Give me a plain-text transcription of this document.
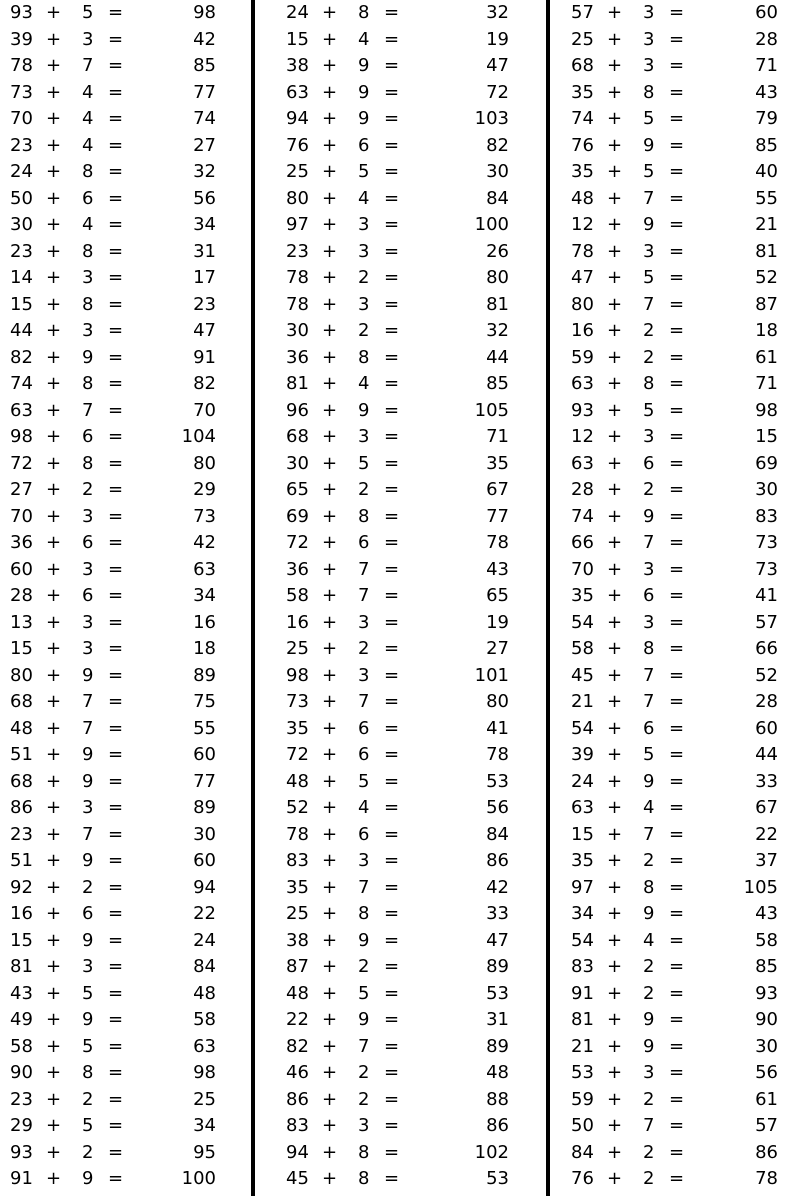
93 + 5 =	98
39 + 3 =	42
78 + 7 =	85
73 + 4 =	77
70 + 4 =	74
23 + 4 =	27
24 + 8 =	32
50 + 6 =	56
30 + 4 =	34
23 + 8 =	31
14 + 3 =	17
15 + 8 =	23
44 + 3 =	47
82 + 9 =	91
74 + 8 =	82
63 + 7 =	70
98 + 6 =	104
72 + 8 =	80
27 + 2 =	29
70 + 3 =	73
36 + 6 =	42
60 + 3 =	63
28 + 6 =	34
13 + 3 =	16
15 + 3 =	18
80 + 9 =	89
68 + 7 =	75
48 + 7 =	55
51 + 9 =	60
68 + 9 =	77
86 + 3 =	89
23 + 7 =	30
51 + 9 =	60
92 + 2 =	94
16 + 6 =	22
15 + 9 =	24
81 + 3 =	84
43 + 5 =	48
49 + 9 =	58
58 + 5 =	63
90 + 8 =	98
23 + 2 =	25
29 + 5 =	34
93 + 2 =	95
91 + 9 =	100
24 + 8 =	32
15 + 4 =	19
38 + 9 =	47
63 + 9 =	72
94 + 9 =	103
76 + 6 =	82
25 + 5 =	30
80 + 4 =	84
97 + 3 =	100
23 + 3 =	26
78 + 2 =	80
78 + 3 =	81
30 + 2 =	32
36 + 8 =	44
81 + 4 =	85
96 + 9 =	105
68 + 3 =	71
30 + 5 =	35
65 + 2 =	67
69 + 8 =	77
72 + 6 =	78
36 + 7 =	43
58 + 7 =	65
16 + 3 =	19
25 + 2 =	27
98 + 3 =	101
73 + 7 =	80
35 + 6 =	41
72 + 6 =	78
48 + 5 =	53
52 + 4 =	56
78 + 6 =	84
83 + 3 =	86
35 + 7 =	42
25 + 8 =	33
38 + 9 =	47
87 + 2 =	89
48 + 5 =	53
22 + 9 =	31
82 + 7 =	89
46 + 2 =	48
86 + 2 =	88
83 + 3 =	86
94 + 8 =	102
45 + 8 =	53
57 + 3 =	60
25 + 3 =	28
68 + 3 =	71
35 + 8 =	43
74 + 5 =	79
76 + 9 =	85
35 + 5 =	40
48 + 7 =	55
12 + 9 =	21
78 + 3 =	81
47 + 5 =	52
80 + 7 =	87
16 + 2 =	18
59 + 2 =	61
63 + 8 =	71
93 + 5 =	98
12 + 3 =	15
63 + 6 =	69
28 + 2 =	30
74 + 9 =	83
66 + 7 =	73
70 + 3 =	73
35 + 6 =	41
54 + 3 =	57
58 + 8 =	66
45 + 7 =	52
21 + 7 =	28
54 + 6 =	60
39 + 5 =	44
24 + 9 =	33
63 + 4 =	67
15 + 7 =	22
35 + 2 =	37
97 + 8 =	105
34 + 9 =	43
54 + 4 =	58
83 + 2 =	85
91 + 2 =	93
81 + 9 =	90
21 + 9 =	30
53 + 3 =	56
59 + 2 =	61
50 + 7 =	57
84 + 2 =	86
76 + 2 =	78
